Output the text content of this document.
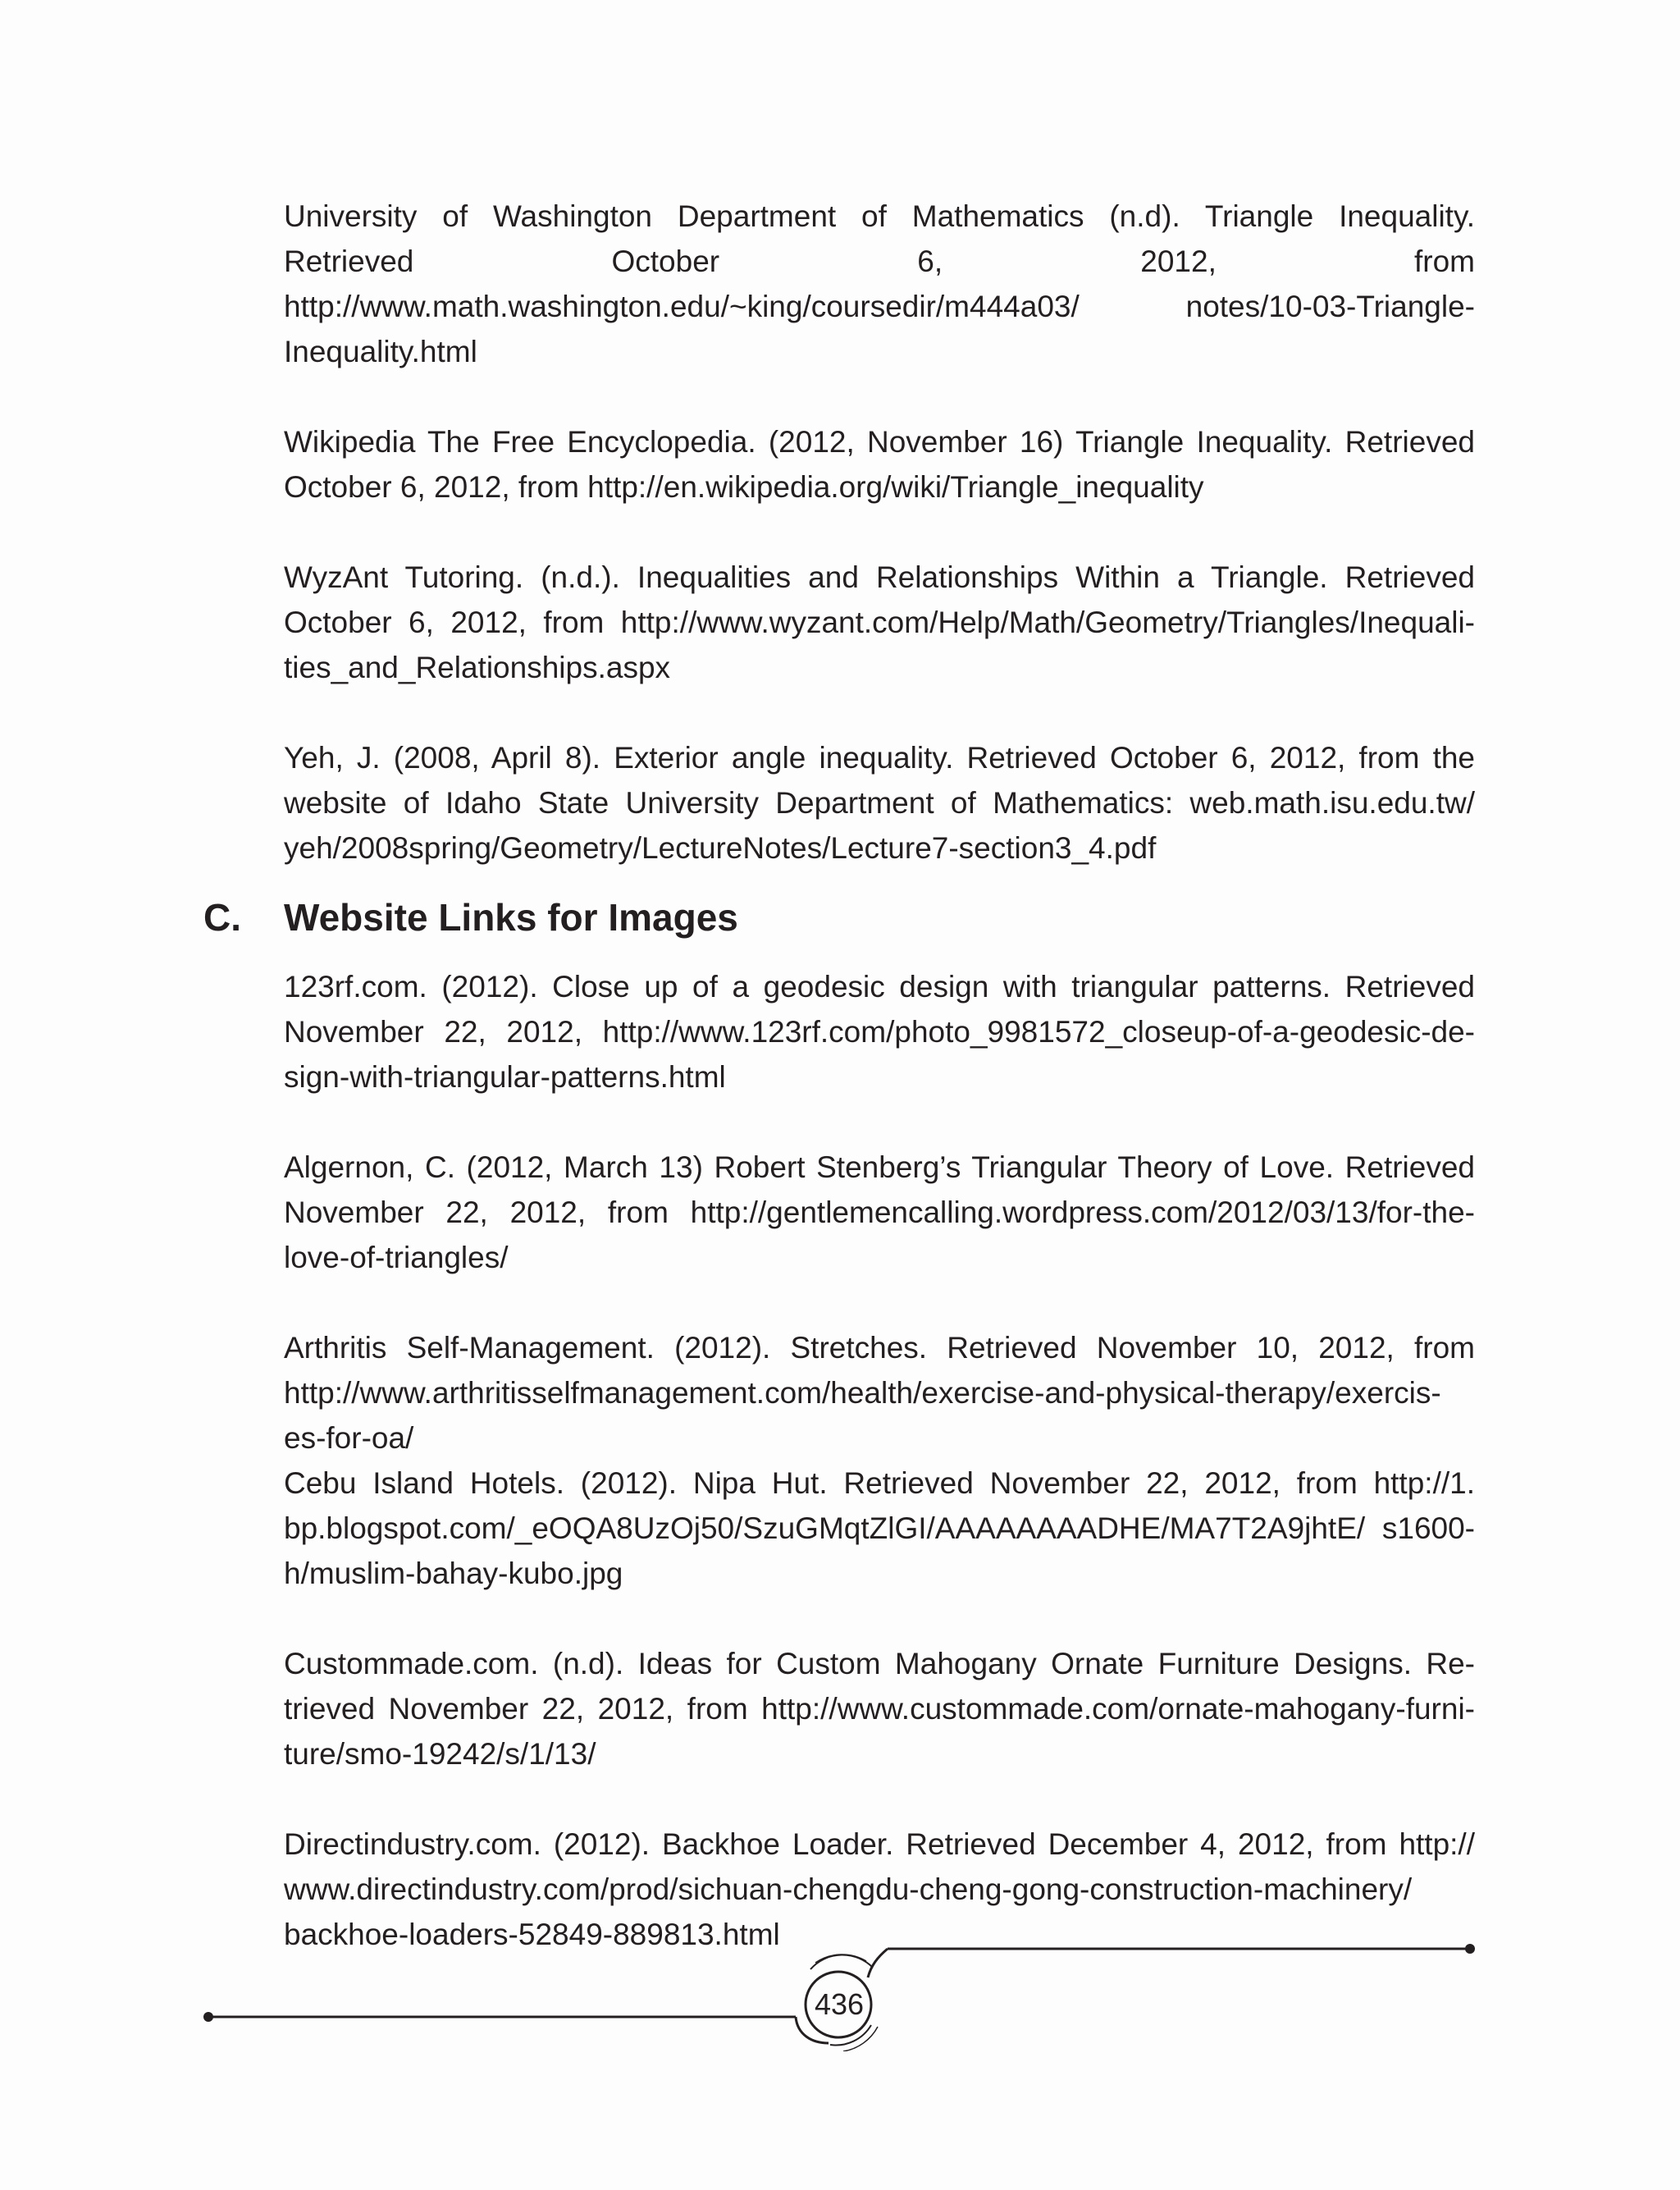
University of Washington Department of Mathematics (n.d). Triangle Inequality. Retrieved October 6, 2012, from http://www.math.washington.edu/~king/coursedir/m444a03/ notes/10-03-Triangle-Inequality.html

Wikipedia The Free Encyclopedia. (2012, November 16) Triangle Inequality. Retrieved October 6, 2012, from http://en.wikipedia.org/wiki/Triangle_inequality

WyzAnt Tutoring. (n.d.). Inequalities and Relationships Within a Triangle. Retrieved October 6, 2012, from http://www.wyzant.com/Help/Math/Geometry/Triangles/Inequali- ties_and_Relationships.aspx

Yeh, J. (2008, April 8). Exterior angle inequality. Retrieved October 6, 2012, from the website of Idaho State University Department of Mathematics: web.math.isu.edu.tw/ yeh/2008spring/Geometry/LectureNotes/Lecture7-section3_4.pdf

C. Website Links for Images

123rf.com. (2012). Close up of a geodesic design with triangular patterns. Retrieved November 22, 2012, http://www.123rf.com/photo_9981572_closeup-of-a-geodesic-de- sign-with-triangular-patterns.html

Algernon, C. (2012, March 13) Robert Stenberg’s Triangular Theory of Love. Retrieved November 22, 2012, from http://gentlemencalling.wordpress.com/2012/03/13/for-the- love-of-triangles/

Arthritis Self-Management. (2012). Stretches. Retrieved November 10, 2012, from http://www.arthritisselfmanagement.com/health/exercise-and-physical-therapy/exercis- es-for-oa/

Cebu Island Hotels. (2012). Nipa Hut. Retrieved November 22, 2012, from http://1. bp.blogspot.com/_eOQA8UzOj50/SzuGMqtZlGI/AAAAAAAADHE/MA7T2A9jhtE/ s1600-h/muslim-bahay-kubo.jpg

Custommade.com. (n.d). Ideas for Custom Mahogany Ornate Furniture Designs. Re- trieved November 22, 2012, from http://www.custommade.com/ornate-mahogany-furni- ture/smo-19242/s/1/13/

Directindustry.com. (2012). Backhoe Loader. Retrieved December 4, 2012, from http:// www.directindustry.com/prod/sichuan-chengdu-cheng-gong-construction-machinery/ backhoe-loaders-52849-889813.html

436
